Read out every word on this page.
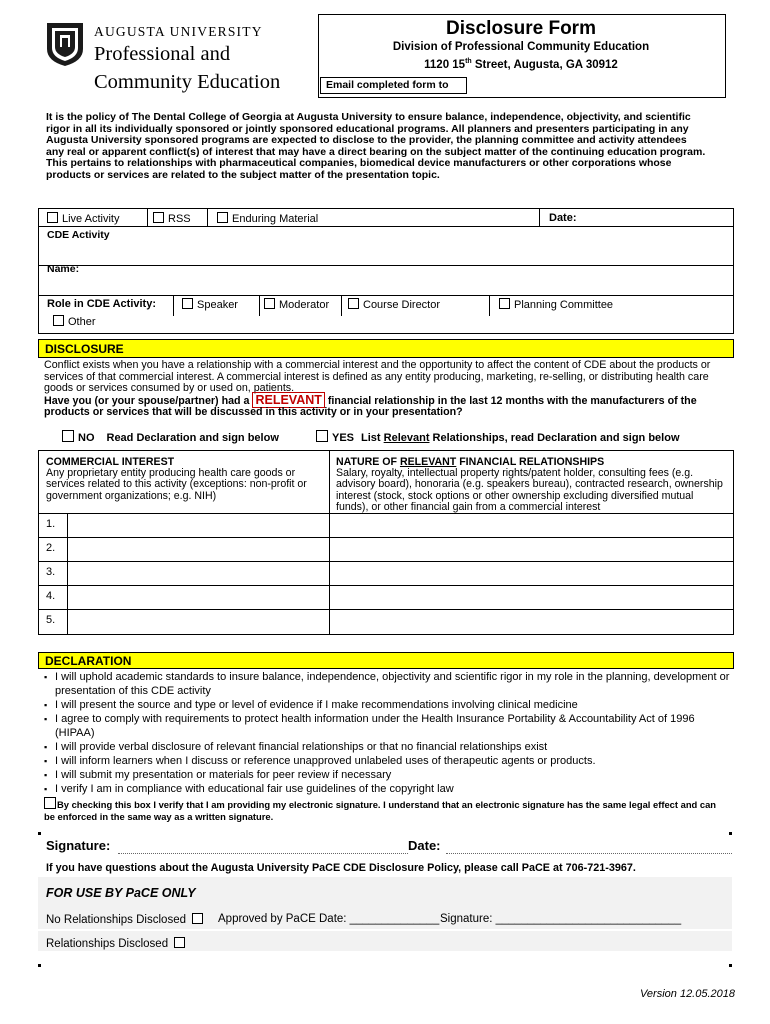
AUGUSTA UNIVERSITY
Professional and
Community Education
Disclosure Form
Division of Professional Community Education
1120 15th Street, Augusta, GA 30912
Email completed form to
It is the policy of The Dental College of Georgia at Augusta University to ensure balance, independence, objectivity, and scientific rigor in all its individually sponsored or jointly sponsored educational programs. All planners and presenters participating in any Augusta University sponsored programs are expected to disclose to the provider, the planning committee and activity attendees any real or apparent conflict(s) of interest that may have a direct bearing on the subject matter of the continuing education program. This pertains to relationships with pharmaceutical companies, biomedical device manufacturers or other corporations whose products or services are related to the subject matter of the presentation topic.
Live Activity	RSS	Enduring Material	Date:
CDE Activity
Name:
Role in CDE Activity:	Speaker	Moderator	Course Director	Planning Committee
Other
DISCLOSURE
Conflict exists when you have a relationship with a commercial interest and the opportunity to affect the content of CDE about the products or services of that commercial interest. A commercial interest is defined as any entity producing, marketing, re-selling, or distributing health care goods or services consumed by or used on, patients.
Have you (or your spouse/partner) had a RELEVANT financial relationship in the last 12 months with the manufacturers of the products or services that will be discussed in this activity or in your presentation?
NO Read Declaration and sign below	YES List Relevant Relationships, read Declaration and sign below
COMMERCIAL INTEREST
Any proprietary entity producing health care goods or services related to this activity (exceptions: non-profit or government organizations; e.g. NIH)
NATURE OF RELEVANT FINANCIAL RELATIONSHIPS
Salary, royalty, intellectual property rights/patent holder, consulting fees (e.g. advisory board), honoraria (e.g. speakers bureau), contracted research, ownership interest (stock, stock options or other ownership excluding diversified mutual funds), or other financial gain from a commercial interest
1.
2.
3.
4.
5.
DECLARATION
▪ I will uphold academic standards to insure balance, independence, objectivity and scientific rigor in my role in the planning, development or presentation of this CDE activity
▪ I will present the source and type or level of evidence if I make recommendations involving clinical medicine
▪ I agree to comply with requirements to protect health information under the Health Insurance Portability & Accountability Act of 1996 (HIPAA)
▪ I will provide verbal disclosure of relevant financial relationships or that no financial relationships exist
▪ I will inform learners when I discuss or reference unapproved unlabeled uses of therapeutic agents or products.
▪ I will submit my presentation or materials for peer review if necessary
▪ I verify I am in compliance with educational fair use guidelines of the copyright law
By checking this box I verify that I am providing my electronic signature. I understand that an electronic signature has the same legal effect and can be enforced in the same way as a written signature.
Signature:	Date:
If you have questions about the Augusta University PaCE CDE Disclosure Policy, please call PaCE at 706-721-3967.
FOR USE BY PaCE ONLY
No Relationships Disclosed	Approved by PaCE Date: ______________ Signature: _____________________________
Relationships Disclosed
Version 12.05.2018
